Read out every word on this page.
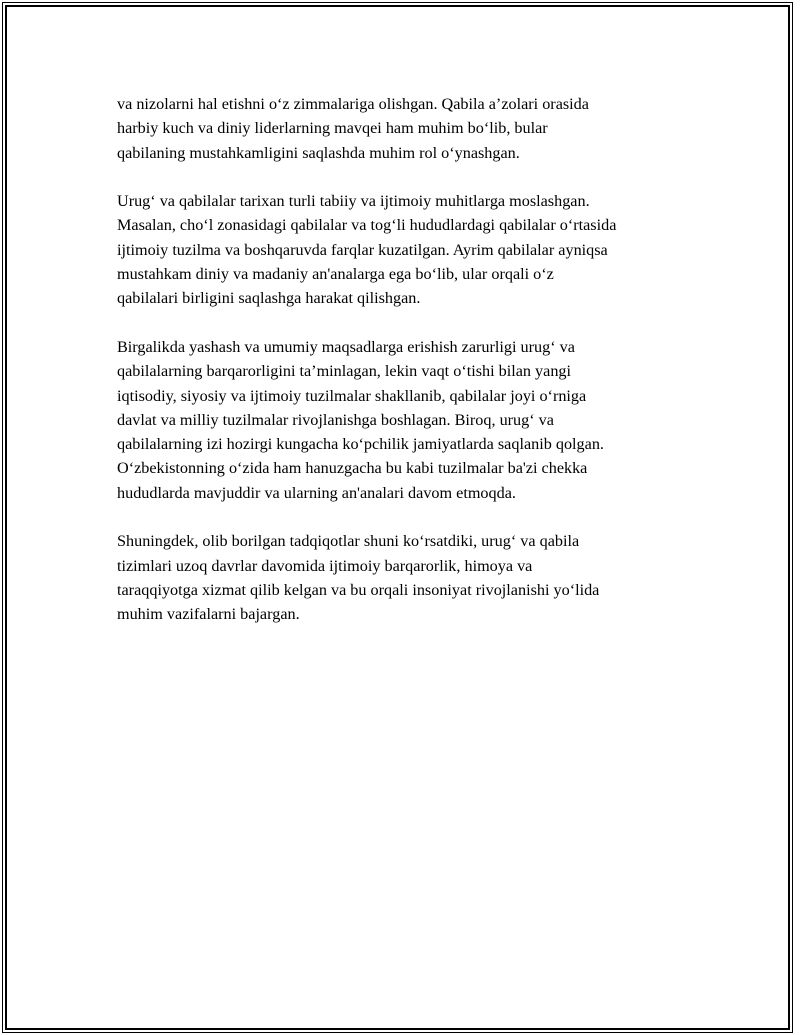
va nizolarni hal etishni oʻz zimmalariga olishgan. Qabila aʼzolari orasida
harbiy kuch va diniy liderlarning mavqei ham muhim boʻlib, bular
qabilaning mustahkamligini saqlashda muhim rol oʻynashgan.

Urugʻ va qabilalar tarixan turli tabiiy va ijtimoiy muhitlarga moslashgan.
Masalan, choʻl zonasidagi qabilalar va togʻli hududlardagi qabilalar oʻrtasida
ijtimoiy tuzilma va boshqaruvda farqlar kuzatilgan. Ayrim qabilalar ayniqsa
mustahkam diniy va madaniy an'analarga ega boʻlib, ular orqali oʻz
qabilalari birligini saqlashga harakat qilishgan.

Birgalikda yashash va umumiy maqsadlarga erishish zarurligi urugʻ va
qabilalarning barqarorligini taʼminlagan, lekin vaqt oʻtishi bilan yangi
iqtisodiy, siyosiy va ijtimoiy tuzilmalar shakllanib, qabilalar joyi oʻrniga
davlat va milliy tuzilmalar rivojlanishga boshlagan. Biroq, urugʻ va
qabilalarning izi hozirgi kungacha koʻpchilik jamiyatlarda saqlanib qolgan.
Oʻzbekistonning oʻzida ham hanuzgacha bu kabi tuzilmalar ba'zi chekka
hududlarda mavjuddir va ularning an'analari davom etmoqda.

Shuningdek, olib borilgan tadqiqotlar shuni koʻrsatdiki, urugʻ va qabila
tizimlari uzoq davrlar davomida ijtimoiy barqarorlik, himoya va
taraqqiyotga xizmat qilib kelgan va bu orqali insoniyat rivojlanishi yoʻlida
muhim vazifalarni bajargan.
